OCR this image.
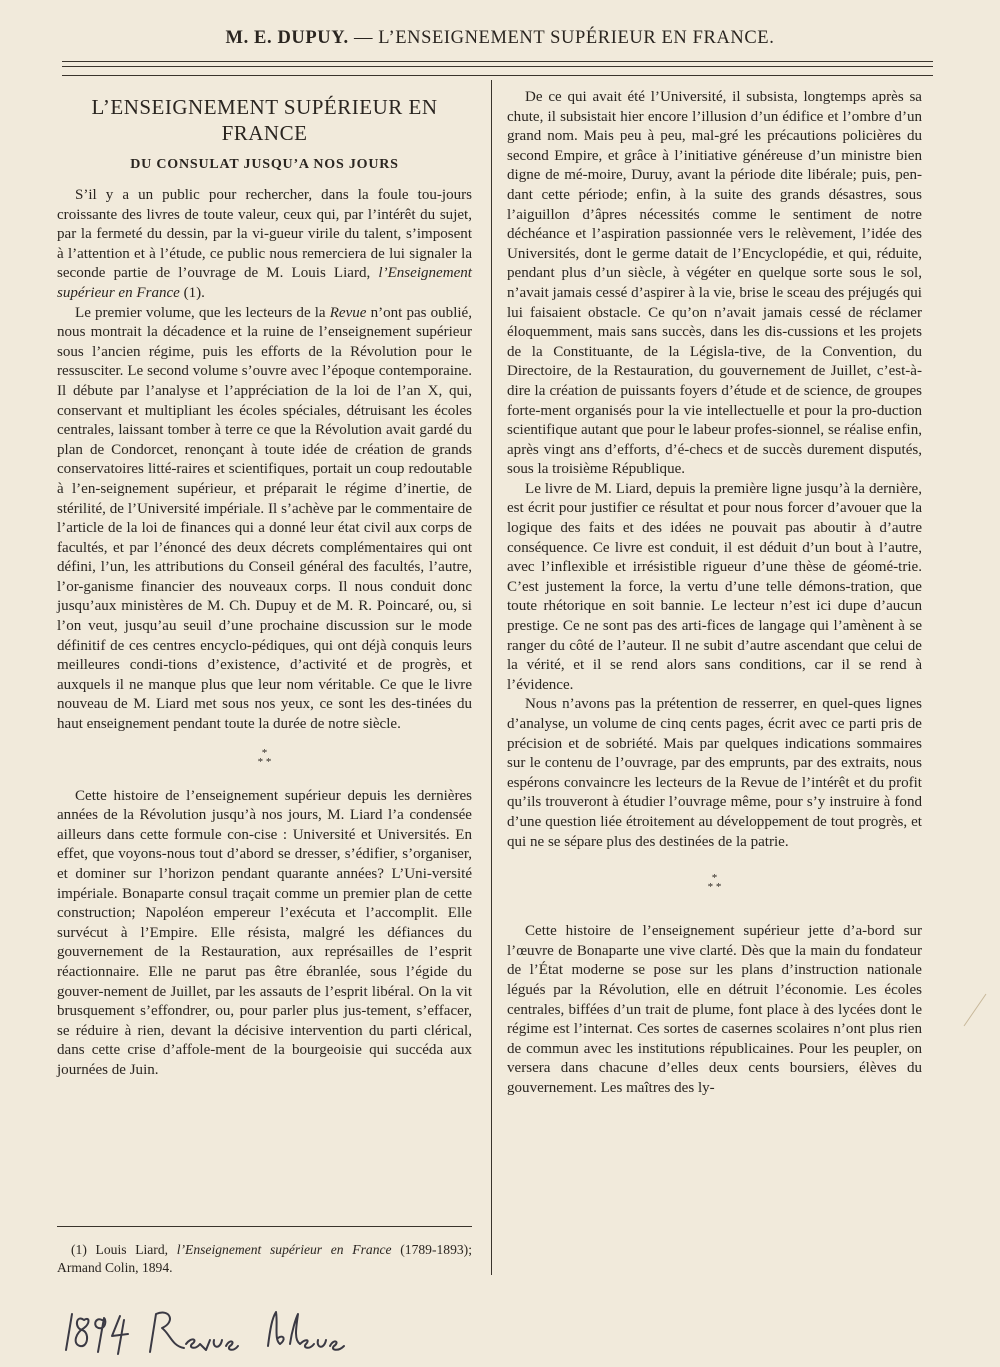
M. E. DUPUY. — L’ENSEIGNEMENT SUPÉRIEUR EN FRANCE.
L’ENSEIGNEMENT SUPÉRIEUR EN FRANCE
DU CONSULAT JUSQU’A NOS JOURS

S’il y a un public pour rechercher, dans la foule tou-jours croissante des livres de toute valeur, ceux qui, par l’intérêt du sujet, par la fermeté du dessin, par la vi-gueur virile du talent, s’imposent à l’attention et à l’étude, ce public nous remerciera de lui signaler la seconde partie de l’ouvrage de M. Louis Liard, l’Enseignement supérieur en France (1).

Le premier volume, que les lecteurs de la Revue n’ont pas oublié, nous montrait la décadence et la ruine de l’enseignement supérieur sous l’ancien régime, puis les efforts de la Révolution pour le ressusciter. Le second volume s’ouvre avec l’époque contemporaine. Il débute par l’analyse et l’appréciation de la loi de l’an X, qui, conservant et multipliant les écoles spéciales, détruisant les écoles centrales, laissant tomber à terre ce que la Révolution avait gardé du plan de Condorcet, renonçant à toute idée de création de grands conservatoires litté-raires et scientifiques, portait un coup redoutable à l’en-seignement supérieur, et préparait le régime d’inertie, de stérilité, de l’Université impériale. Il s’achève par le commentaire de l’article de la loi de finances qui a donné leur état civil aux corps de facultés, et par l’énoncé des deux décrets complémentaires qui ont défini, l’un, les attributions du Conseil général des facultés, l’autre, l’or-ganisme financier des nouveaux corps. Il nous conduit donc jusqu’aux ministères de M. Ch. Dupuy et de M. R. Poincaré, ou, si l’on veut, jusqu’au seuil d’une prochaine discussion sur le mode définitif de ces centres encyclo-pédiques, qui ont déjà conquis leurs meilleures condi-tions d’existence, d’activité et de progrès, et auxquels il ne manque plus que leur nom véritable. Ce que le livre nouveau de M. Liard met sous nos yeux, ce sont les des-tinées du haut enseignement pendant toute la durée de notre siècle.

*
* *

Cette histoire de l’enseignement supérieur depuis les dernières années de la Révolution jusqu’à nos jours, M. Liard l’a condensée ailleurs dans cette formule con-cise : Université et Universités. En effet, que voyons-nous tout d’abord se dresser, s’édifier, s’organiser, et dominer sur l’horizon pendant quarante années? L’Uni-versité impériale. Bonaparte consul traçait comme un premier plan de cette construction; Napoléon empereur l’exécuta et l’accomplit. Elle survécut à l’Empire. Elle résista, malgré les défiances du gouvernement de la Restauration, aux représailles de l’esprit réactionnaire. Elle ne parut pas être ébranlée, sous l’égide du gouver-nement de Juillet, par les assauts de l’esprit libéral. On la vit brusquement s’effondrer, ou, pour parler plus jus-tement, s’effacer, se réduire à rien, devant la décisive intervention du parti clérical, dans cette crise d’affole-ment de la bourgeoisie qui succéda aux journées de Juin.

(1) Louis Liard, l’Enseignement supérieur en France (1789-1893); Armand Colin, 1894.

De ce qui avait été l’Université, il subsista, longtemps après sa chute, il subsistait hier encore l’illusion d’un édifice et l’ombre d’un grand nom. Mais peu à peu, mal-gré les précautions policières du second Empire, et grâce à l’initiative généreuse d’un ministre bien digne de mé-moire, Duruy, avant la période dite libérale; puis, pen-dant cette période; enfin, à la suite des grands désastres, sous l’aiguillon d’âpres nécessités comme le sentiment de notre déchéance et l’aspiration passionnée vers le relèvement, l’idée des Universités, dont le germe datait de l’Encyclopédie, et qui, réduite, pendant plus d’un siècle, à végéter en quelque sorte sous le sol, n’avait jamais cessé d’aspirer à la vie, brise le sceau des préjugés qui lui faisaient obstacle. Ce qu’on n’avait jamais cessé de réclamer éloquemment, mais sans succès, dans les dis-cussions et les projets de la Constituante, de la Législa-tive, de la Convention, du Directoire, de la Restauration, du gouvernement de Juillet, c’est-à-dire la création de puissants foyers d’étude et de science, de groupes forte-ment organisés pour la vie intellectuelle et pour la pro-duction scientifique autant que pour le labeur profes-sionnel, se réalise enfin, après vingt ans d’efforts, d’é-checs et de succès durement disputés, sous la troisième République.

Le livre de M. Liard, depuis la première ligne jusqu’à la dernière, est écrit pour justifier ce résultat et pour nous forcer d’avouer que la logique des faits et des idées ne pouvait pas aboutir à d’autre conséquence. Ce livre est conduit, il est déduit d’un bout à l’autre, avec l’inflexible et irrésistible rigueur d’une thèse de géomé-trie. C’est justement la force, la vertu d’une telle démons-tration, que toute rhétorique en soit bannie. Le lecteur n’est ici dupe d’aucun prestige. Ce ne sont pas des arti-fices de langage qui l’amènent à se ranger du côté de l’auteur. Il ne subit d’autre ascendant que celui de la vérité, et il se rend alors sans conditions, car il se rend à l’évidence.

Nous n’avons pas la prétention de resserrer, en quel-ques lignes d’analyse, un volume de cinq cents pages, écrit avec ce parti pris de précision et de sobriété. Mais par quelques indications sommaires sur le contenu de l’ouvrage, par des emprunts, par des extraits, nous espérons convaincre les lecteurs de la Revue de l’intérêt et du profit qu’ils trouveront à étudier l’ouvrage même, pour s’y instruire à fond d’une question liée étroitement au développement de tout progrès, et qui ne se sépare plus des destinées de la patrie.

*
* *

Cette histoire de l’enseignement supérieur jette d’a-bord sur l’œuvre de Bonaparte une vive clarté. Dès que la main du fondateur de l’État moderne se pose sur les plans d’instruction nationale légués par la Révolution, elle en détruit l’économie. Les écoles centrales, biffées d’un trait de plume, font place à des lycées dont le régime est l’internat. Ces sortes de casernes scolaires n’ont plus rien de commun avec les institutions républicaines. Pour les peupler, on versera dans chacune d’elles deux cents boursiers, élèves du gouvernement. Les maîtres des ly-
